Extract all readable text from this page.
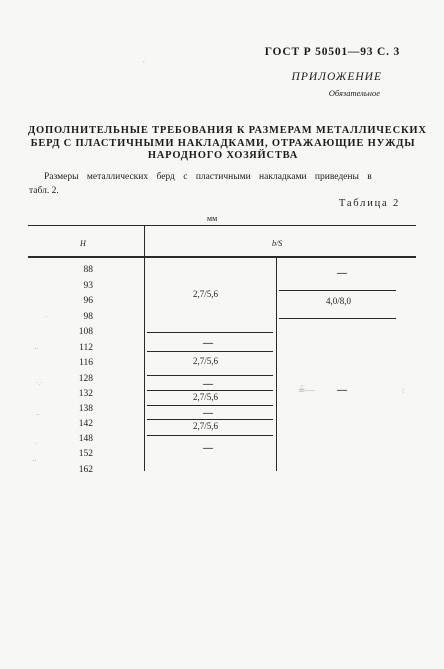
ГОСТ Р 50501—93 С. 3
ПРИЛОЖЕНИЕ
Обязательное
ДОПОЛНИТЕЛЬНЫЕ ТРЕБОВАНИЯ К РАЗМЕРАМ МЕТАЛЛИЧЕСКИХ
БЕРД С ПЛАСТИЧНЫМИ НАКЛАДКАМИ, ОТРАЖАЮЩИЕ НУЖДЫ
НАРОДНОГО ХОЗЯЙСТВА
Размеры металлических берд с пластичными накладками приведены в
табл. 2.
Таблица 2
мм
H	b/S
88
93
96
98
108
112
116
128
132
138
142
148
152
162
2,7/5,6
—
2,7/5,6
—
2,7/5,6
—
2,7/5,6
—
—
4,0/8,0
—
,
·
‥
·.·
..
·
‥
≟—	⁝
